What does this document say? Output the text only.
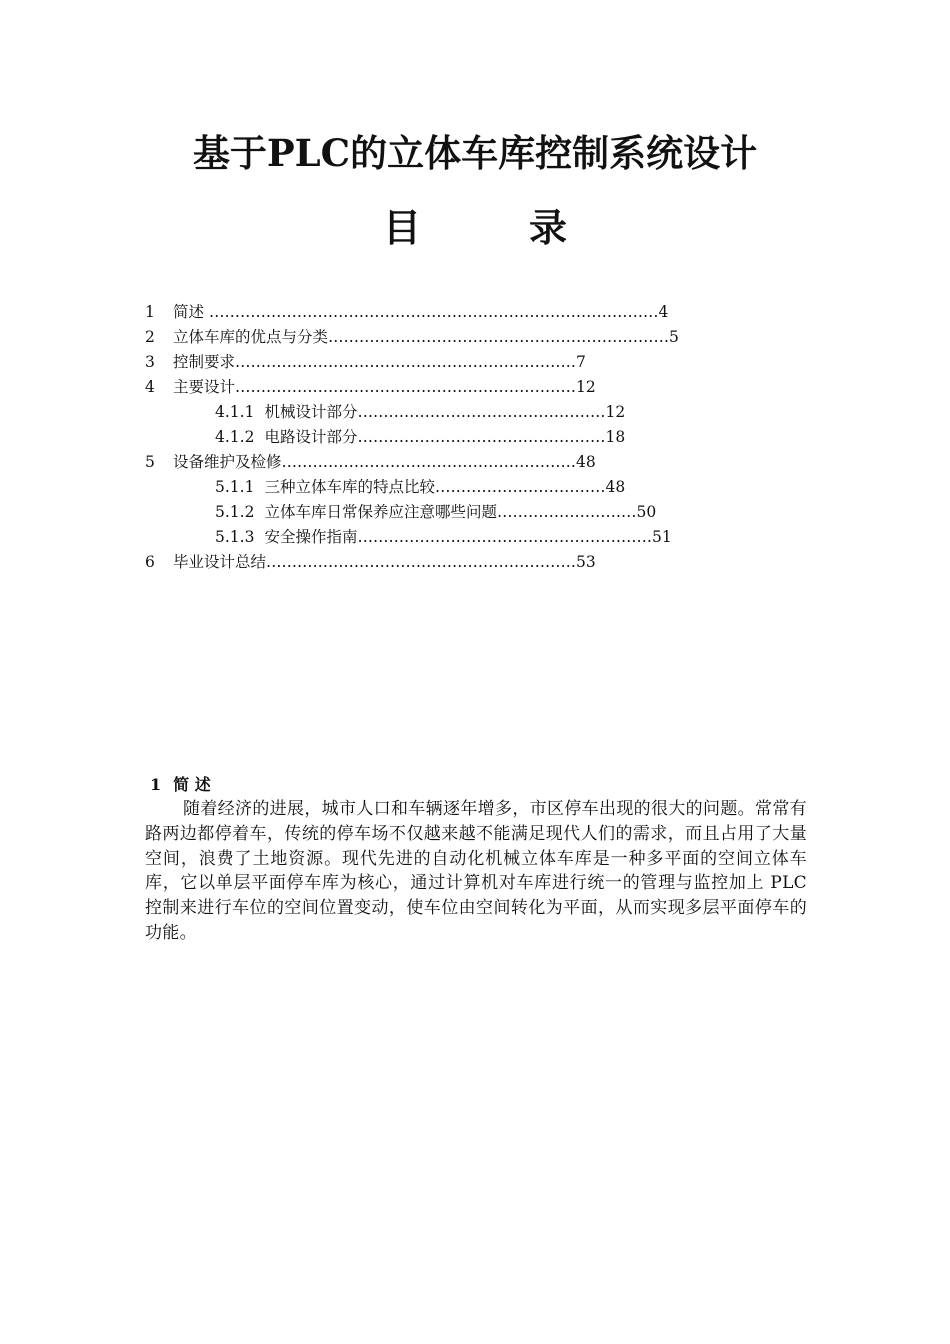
基于PLC的立体车库控制系统设计
目	录
1 简述 ……………………………………………………………………………4
2 立体车库的优点与分类…………………………………………………………5
3 控制要求…………………………………………………………7
4 主要设计…………………………………………………………12
4.1.1 机械设计部分…………………………………………12
4.1.2 电路设计部分…………………………………………18
5 设备维护及检修…………………………………………………48
5.1.1 三种立体车库的特点比较……………………………48
5.1.2 立体车库日常保养应注意哪些问题………………………50
5.1.3 安全操作指南…………………………………………………51
6 毕业设计总结……………………………………………………53
1 简 述

随着经济的进展，城市人口和车辆逐年增多，市区停车出现的很大的问题。常常有路两边都停着车，传统的停车场不仅越来越不能满足现代人们的需求，而且占用了大量空间，浪费了土地资源。现代先进的自动化机械立体车库是一种多平面的空间立体车库，它以单层平面停车库为核心，通过计算机对车库进行统一的管理与监控加上 PLC 控制来进行车位的空间位置变动，使车位由空间转化为平面，从而实现多层平面停车的功能。
